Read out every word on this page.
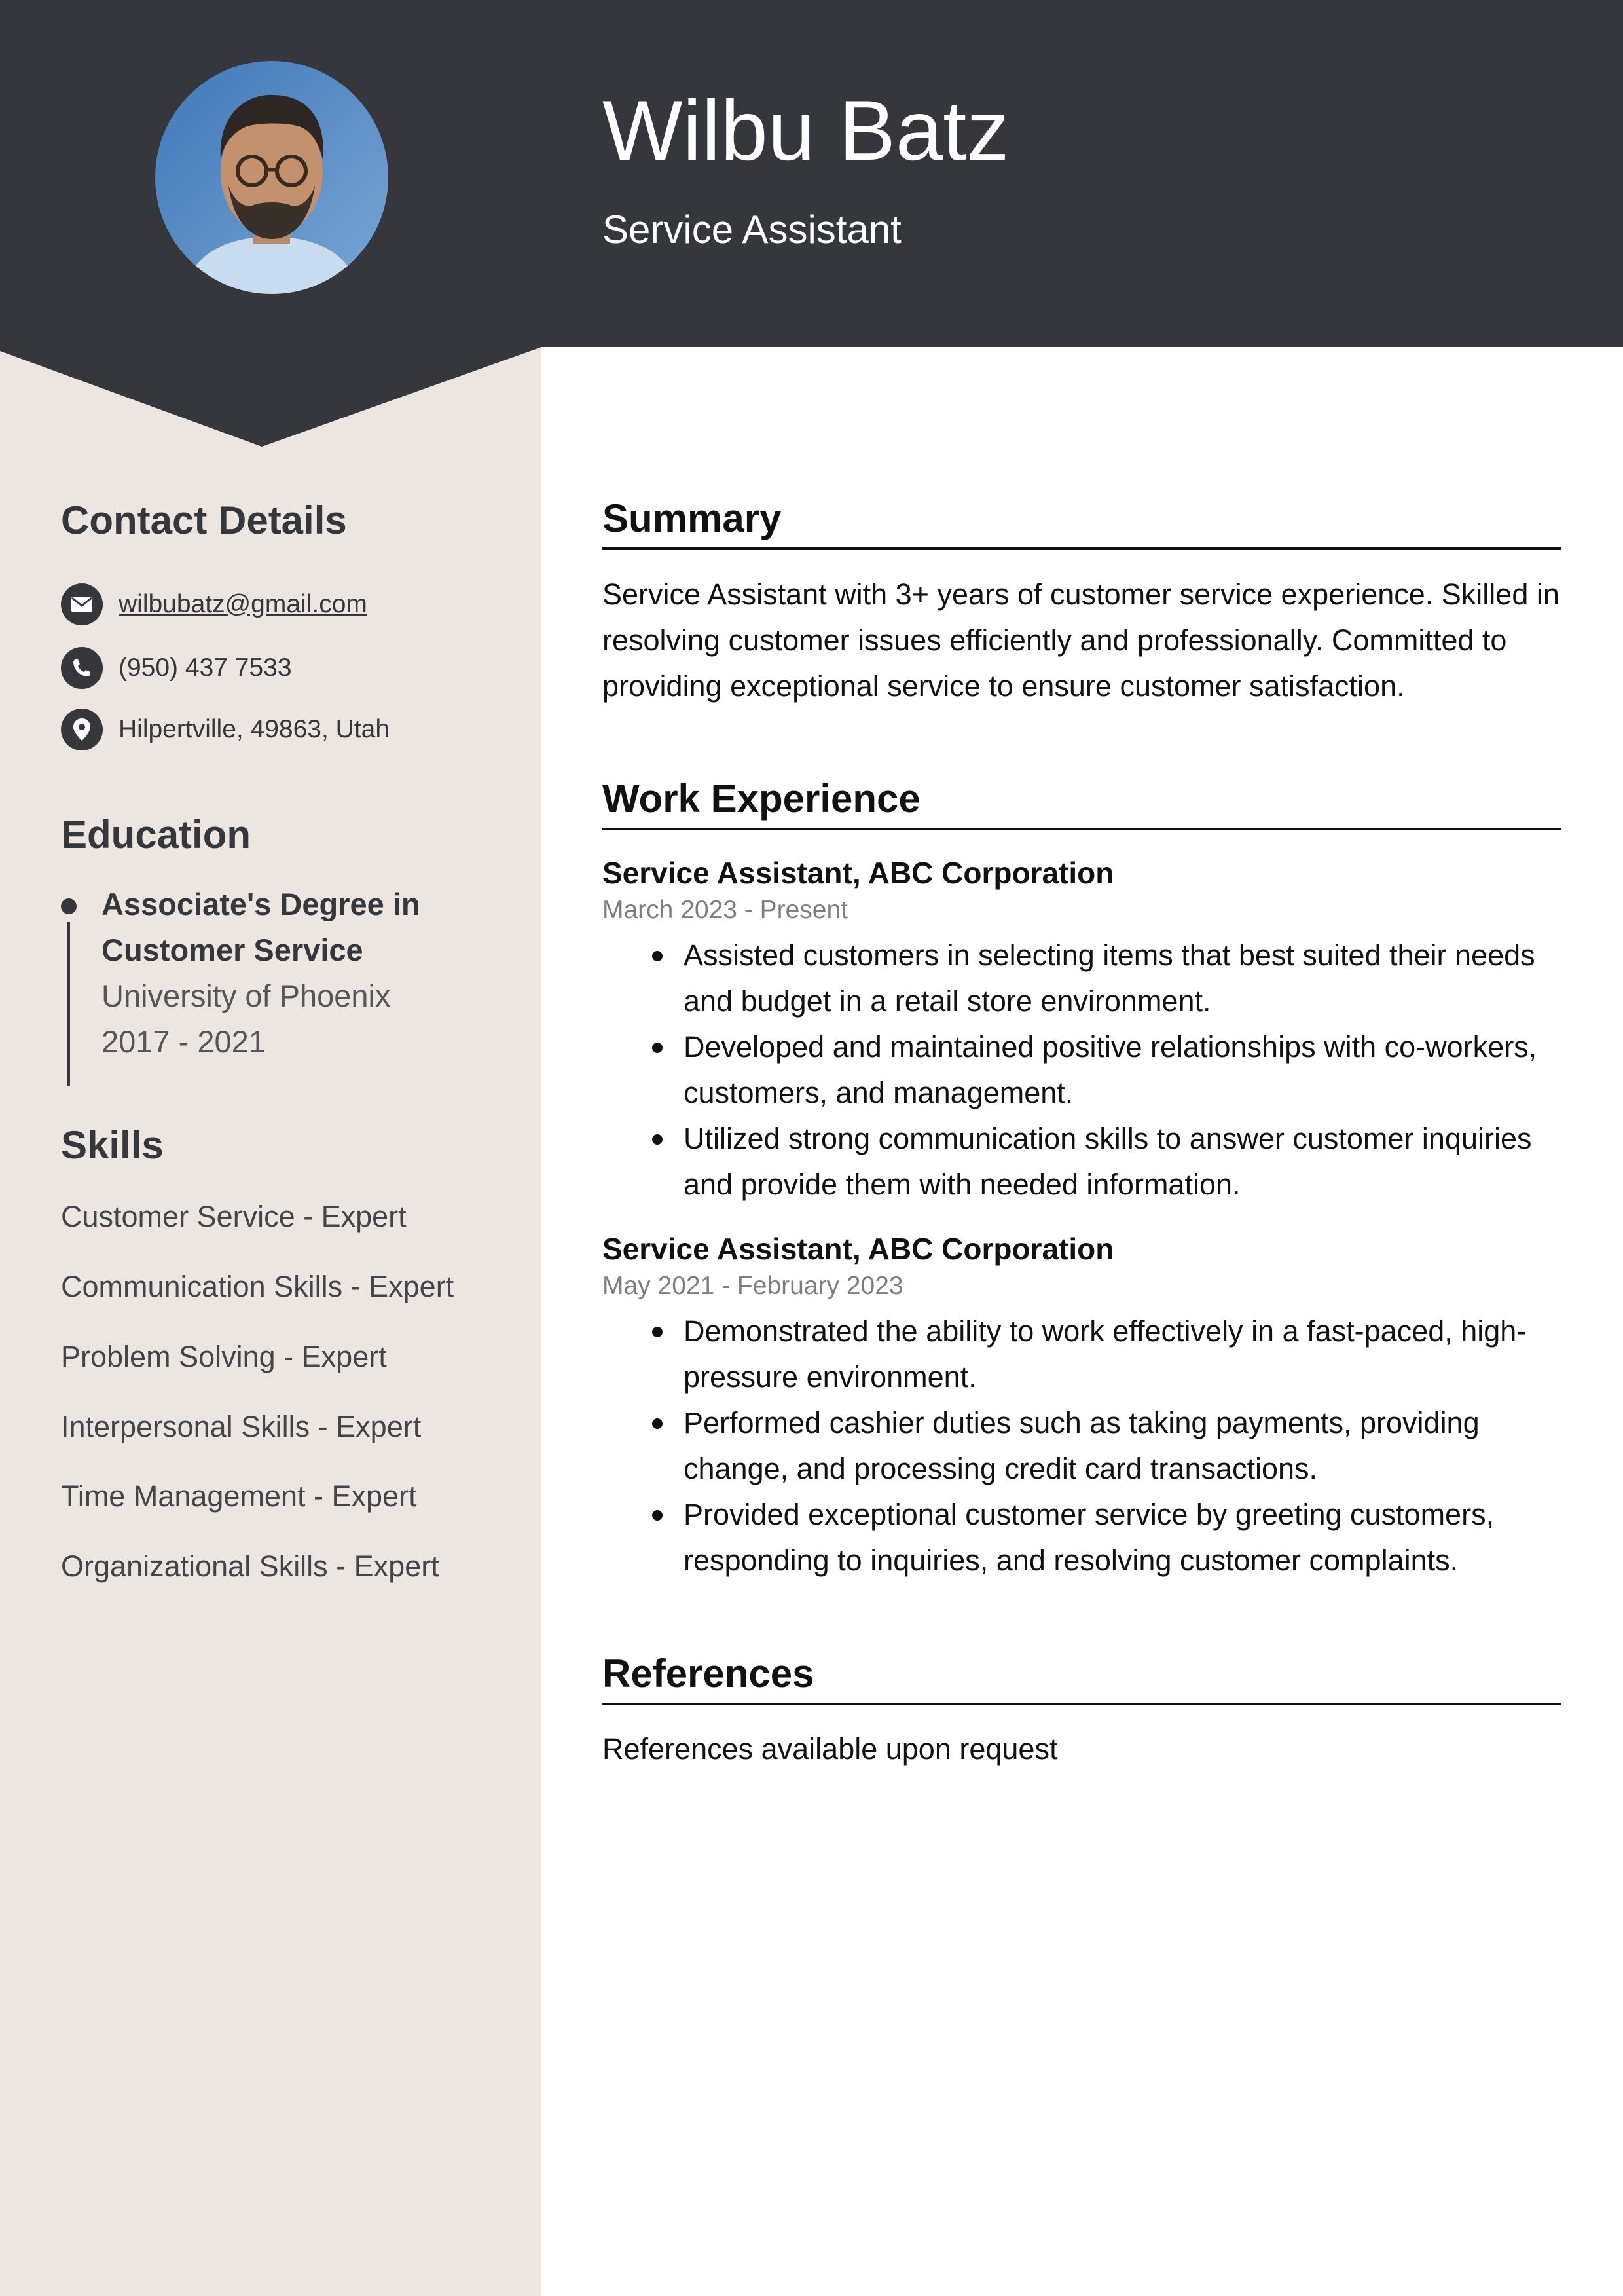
Wilbu Batz
Service Assistant
Contact Details
wilbubatz@gmail.com
(950) 437 7533
Hilpertville, 49863, Utah
Education
Associate's Degree in
Customer Service
University of Phoenix
2017 - 2021
Skills
Customer Service - Expert
Communication Skills - Expert
Problem Solving - Expert
Interpersonal Skills - Expert
Time Management - Expert
Organizational Skills - Expert
Summary

Service Assistant with 3+ years of customer service experience. Skilled in resolving customer issues efficiently and professionally. Committed to providing exceptional service to ensure customer satisfaction.

Work Experience
Service Assistant, ABC Corporation
March 2023 - Present
Assisted customers in selecting items that best suited their needs and budget in a retail store environment.
Developed and maintained positive relationships with co-workers, customers, and management.
Utilized strong communication skills to answer customer inquiries and provide them with needed information.
Service Assistant, ABC Corporation
May 2021 - February 2023
Demonstrated the ability to work effectively in a fast-paced, high-pressure environment.
Performed cashier duties such as taking payments, providing change, and processing credit card transactions.
Provided exceptional customer service by greeting customers, responding to inquiries, and resolving customer complaints.
References

References available upon request
